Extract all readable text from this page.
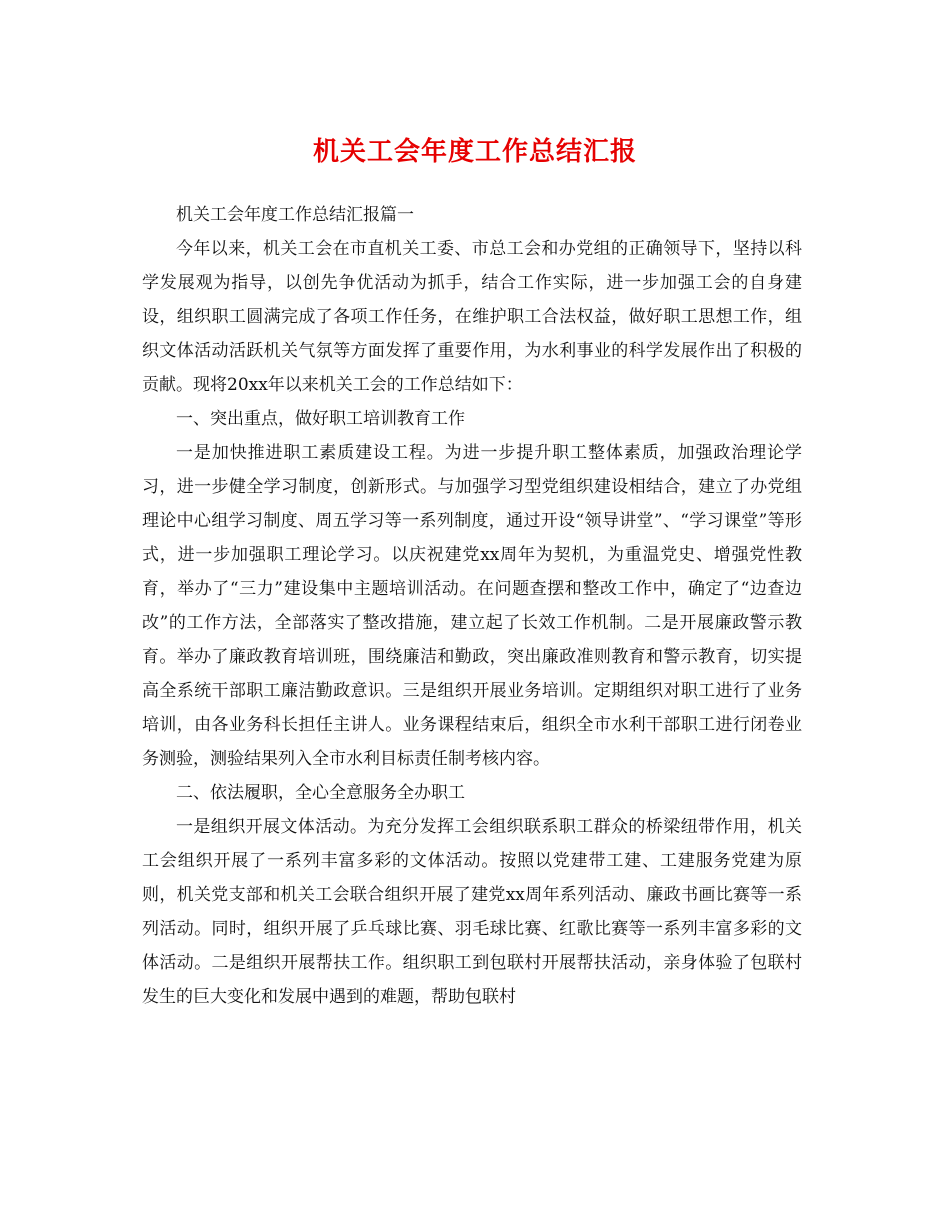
机关工会年度工作总结汇报

机关工会年度工作总结汇报篇一

今年以来，机关工会在市直机关工委、市总工会和办党组的正确领导下，坚持以科学发展观为指导，以创先争优活动为抓手，结合工作实际，进一步加强工会的自身建设，组织职工圆满完成了各项工作任务，在维护职工合法权益，做好职工思想工作，组织文体活动活跃机关气氛等方面发挥了重要作用，为水利事业的科学发展作出了积极的贡献。现将20xx年以来机关工会的工作总结如下：

一、突出重点，做好职工培训教育工作

一是加快推进职工素质建设工程。为进一步提升职工整体素质，加强政治理论学习，进一步健全学习制度，创新形式。与加强学习型党组织建设相结合，建立了办党组理论中心组学习制度、周五学习等一系列制度，通过开设“领导讲堂”、“学习课堂”等形式，进一步加强职工理论学习。以庆祝建党xx周年为契机，为重温党史、增强党性教育，举办了“三力”建设集中主题培训活动。在问题查摆和整改工作中，确定了“边查边改”的工作方法，全部落实了整改措施，建立起了长效工作机制。二是开展廉政警示教育。举办了廉政教育培训班，围绕廉洁和勤政，突出廉政准则教育和警示教育，切实提高全系统干部职工廉洁勤政意识。三是组织开展业务培训。定期组织对职工进行了业务培训，由各业务科长担任主讲人。业务课程结束后，组织全市水利干部职工进行闭卷业务测验，测验结果列入全市水利目标责任制考核内容。

二、依法履职，全心全意服务全办职工

一是组织开展文体活动。为充分发挥工会组织联系职工群众的桥梁纽带作用，机关工会组织开展了一系列丰富多彩的文体活动。按照以党建带工建、工建服务党建为原则，机关党支部和机关工会联合组织开展了建党xx周年系列活动、廉政书画比赛等一系列活动。同时，组织开展了乒乓球比赛、羽毛球比赛、红歌比赛等一系列丰富多彩的文体活动。二是组织开展帮扶工作。组织职工到包联村开展帮扶活动，亲身体验了包联村发生的巨大变化和发展中遇到的难题，帮助包联村
